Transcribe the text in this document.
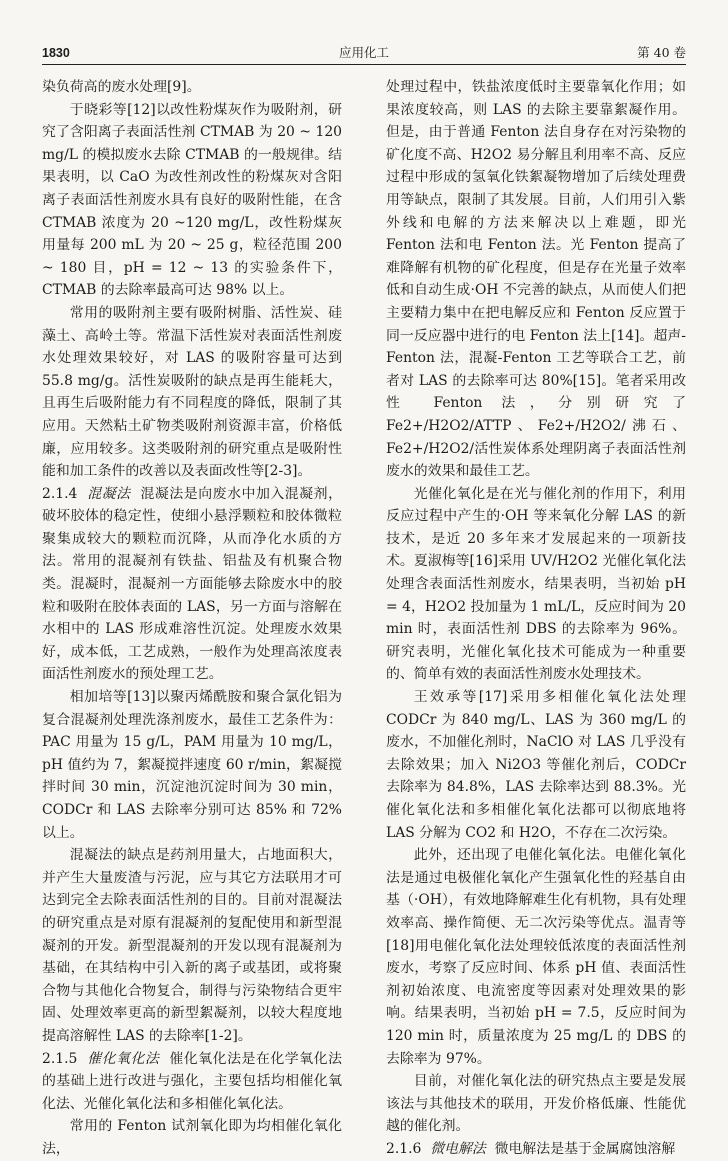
1830	应用化工	第 40 卷

染负荷高的废水处理[9]。

于晓彩等[12]以改性粉煤灰作为吸附剂，研究了含阳离子表面活性剂 CTMAB 为 20 ~ 120 mg/L 的模拟废水去除 CTMAB 的一般规律。结果表明，以 CaO 为改性剂改性的粉煤灰对含阳离子表面活性剂废水具有良好的吸附性能，在含 CTMAB 浓度为 20 ~120 mg/L，改性粉煤灰用量每 200 mL 为 20 ~ 25 g，粒径范围 200 ~ 180 目，pH = 12 ~ 13 的实验条件下，CTMAB 的去除率最高可达 98% 以上。

常用的吸附剂主要有吸附树脂、活性炭、硅藻土、高岭土等。常温下活性炭对表面活性剂废水处理效果较好，对 LAS 的吸附容量可达到 55.8 mg/g。活性炭吸附的缺点是再生能耗大，且再生后吸附能力有不同程度的降低，限制了其应用。天然粘土矿物类吸附剂资源丰富，价格低廉，应用较多。这类吸附剂的研究重点是吸附性能和加工条件的改善以及表面改性等[2-3]。

2.1.4 混凝法 混凝法是向废水中加入混凝剂，破坏胶体的稳定性，使细小悬浮颗粒和胶体微粒聚集成较大的颗粒而沉降，从而净化水质的方法。常用的混凝剂有铁盐、铝盐及有机聚合物类。混凝时，混凝剂一方面能够去除废水中的胶粒和吸附在胶体表面的 LAS，另一方面与溶解在水相中的 LAS 形成难溶性沉淀。处理废水效果好，成本低，工艺成熟，一般作为处理高浓度表面活性剂废水的预处理工艺。

相加培等[13]以聚丙烯酰胺和聚合氯化铝为复合混凝剂处理洗涤剂废水，最佳工艺条件为：PAC 用量为 15 g/L，PAM 用量为 10 mg/L，pH 值约为 7，絮凝搅拌速度 60 r/min，絮凝搅拌时间 30 min，沉淀池沉淀时间为 30 min，CODCr 和 LAS 去除率分别可达 85% 和 72% 以上。

混凝法的缺点是药剂用量大，占地面积大，并产生大量废渣与污泥，应与其它方法联用才可达到完全去除表面活性剂的目的。目前对混凝法的研究重点是对原有混凝剂的复配使用和新型混凝剂的开发。新型混凝剂的开发以现有混凝剂为基础，在其结构中引入新的离子或基团，或将聚合物与其他化合物复合，制得与污染物结合更牢固、处理效率更高的新型絮凝剂，以较大程度地提高溶解性 LAS 的去除率[1-2]。

2.1.5 催化氧化法 催化氧化法是在化学氧化法的基础上进行改进与强化，主要包括均相催化氧化法、光催化氧化法和多相催化氧化法。

常用的 Fenton 试剂氧化即为均相催化氧化法，

处理过程中，铁盐浓度低时主要靠氧化作用；如果浓度较高，则 LAS 的去除主要靠絮凝作用。但是，由于普通 Fenton 法自身存在对污染物的矿化度不高、H2O2 易分解且利用率不高、反应过程中形成的氢氧化铁絮凝物增加了后续处理费用等缺点，限制了其发展。目前，人们用引入紫外线和电解的方法来解决以上难题，即光 Fenton 法和电 Fenton 法。光 Fenton 提高了难降解有机物的矿化程度，但是存在光量子效率低和自动生成·OH 不完善的缺点，从而使人们把主要精力集中在把电解反应和 Fenton 反应置于同一反应器中进行的电 Fenton 法上[14]。超声-Fenton 法，混凝-Fenton 工艺等联合工艺，前者对 LAS 的去除率可达 80%[15]。笔者采用改性 Fenton 法，分别研究了 Fe2+/H2O2/ATTP、Fe2+/H2O2/沸石、Fe2+/H2O2/活性炭体系处理阴离子表面活性剂废水的效果和最佳工艺。

光催化氧化是在光与催化剂的作用下，利用反应过程中产生的·OH 等来氧化分解 LAS 的新技术，是近 20 多年来才发展起来的一项新技术。夏淑梅等[16]采用 UV/H2O2 光催化氧化法处理含表面活性剂废水，结果表明，当初始 pH = 4，H2O2 投加量为 1 mL/L，反应时间为 20 min 时，表面活性剂 DBS 的去除率为 96%。研究表明，光催化氧化技术可能成为一种重要的、简单有效的表面活性剂废水处理技术。

王效承等[17]采用多相催化氧化法处理 CODCr 为 840 mg/L、LAS 为 360 mg/L 的废水，不加催化剂时，NaClO 对 LAS 几乎没有去除效果；加入 Ni2O3 等催化剂后，CODCr 去除率为 84.8%，LAS 去除率达到 88.3%。光催化氧化法和多相催化氧化法都可以彻底地将 LAS 分解为 CO2 和 H2O，不存在二次污染。

此外，还出现了电催化氧化法。电催化氧化法是通过电极催化氧化产生强氧化性的羟基自由基（·OH），有效地降解难生化有机物，具有处理效率高、操作简便、无二次污染等优点。温青等[18]用电催化氧化法处理较低浓度的表面活性剂废水，考察了反应时间、体系 pH 值、表面活性剂初始浓度、电流密度等因素对处理效果的影响。结果表明，当初始 pH = 7.5，反应时间为 120 min 时，质量浓度为 25 mg/L 的 DBS 的去除率为 97%。

目前，对催化氧化法的研究热点主要是发展该法与其他技术的联用，开发价格低廉、性能优越的催化剂。

2.1.6 微电解法 微电解法是基于金属腐蚀溶解
